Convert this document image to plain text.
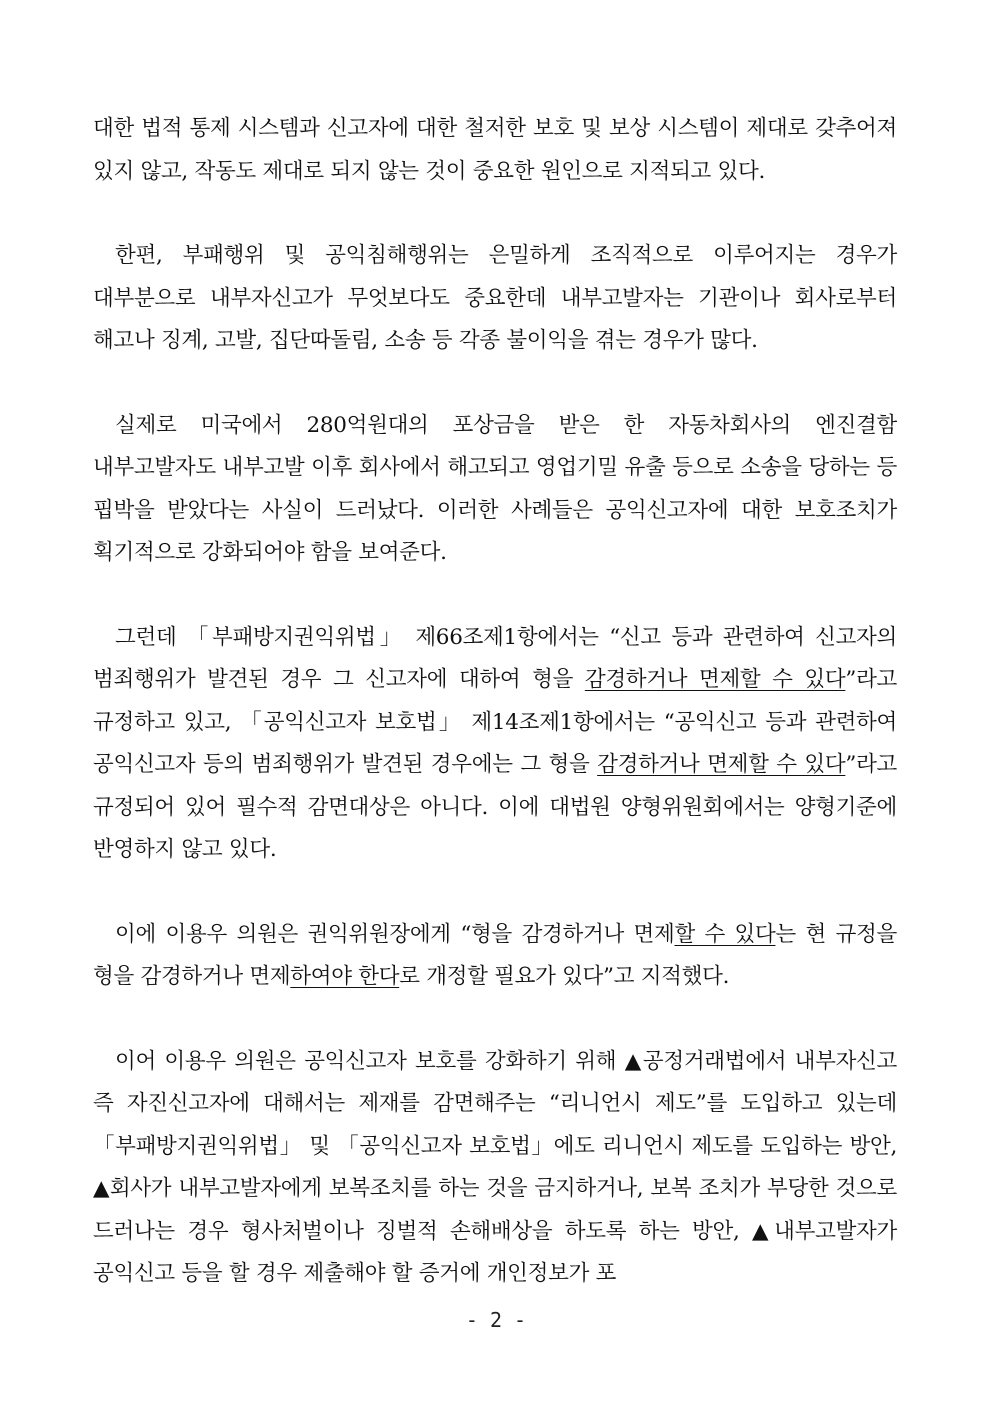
대한 법적 통제 시스템과 신고자에 대한 철저한 보호 및 보상 시스템이 제대로 갖추어져 있지 않고, 작동도 제대로 되지 않는 것이 중요한 원인으로 지적되고 있다.

한편, 부패행위 및 공익침해행위는 은밀하게 조직적으로 이루어지는 경우가 대부분으로 내부자신고가 무엇보다도 중요한데 내부고발자는 기관이나 회사로부터 해고나 징계, 고발, 집단따돌림, 소송 등 각종 불이익을 겪는 경우가 많다.

실제로 미국에서 280억원대의 포상금을 받은 한 자동차회사의 엔진결함 내부고발자도 내부고발 이후 회사에서 해고되고 영업기밀 유출 등으로 소송을 당하는 등 핍박을 받았다는 사실이 드러났다. 이러한 사례들은 공익신고자에 대한 보호조치가 획기적으로 강화되어야 함을 보여준다.

그런데 「부패방지권익위법」 제66조제1항에서는 “신고 등과 관련하여 신고자의 범죄행위가 발견된 경우 그 신고자에 대하여 형을 감경하거나 면제할 수 있다”라고 규정하고 있고, 「공익신고자 보호법」 제14조제1항에서는 “공익신고 등과 관련하여 공익신고자 등의 범죄행위가 발견된 경우에는 그 형을 감경하거나 면제할 수 있다”라고 규정되어 있어 필수적 감면대상은 아니다. 이에 대법원 양형위원회에서는 양형기준에 반영하지 않고 있다.

이에 이용우 의원은 권익위원장에게 “형을 감경하거나 면제할 수 있다는 현 규정을 형을 감경하거나 면제하여야 한다로 개정할 필요가 있다”고 지적했다.

이어 이용우 의원은 공익신고자 보호를 강화하기 위해 ▲공정거래법에서 내부자신고 즉 자진신고자에 대해서는 제재를 감면해주는 “리니언시 제도”를 도입하고 있는데 「부패방지권익위법」 및 「공익신고자 보호법」에도 리니언시 제도를 도입하는 방안, ▲회사가 내부고발자에게 보복조치를 하는 것을 금지하거나, 보복 조치가 부당한 것으로 드러나는 경우 형사처벌이나 징벌적 손해배상을 하도록 하는 방안, ▲내부고발자가 공익신고 등을 할 경우 제출해야 할 증거에 개인정보가 포

- 2 -
